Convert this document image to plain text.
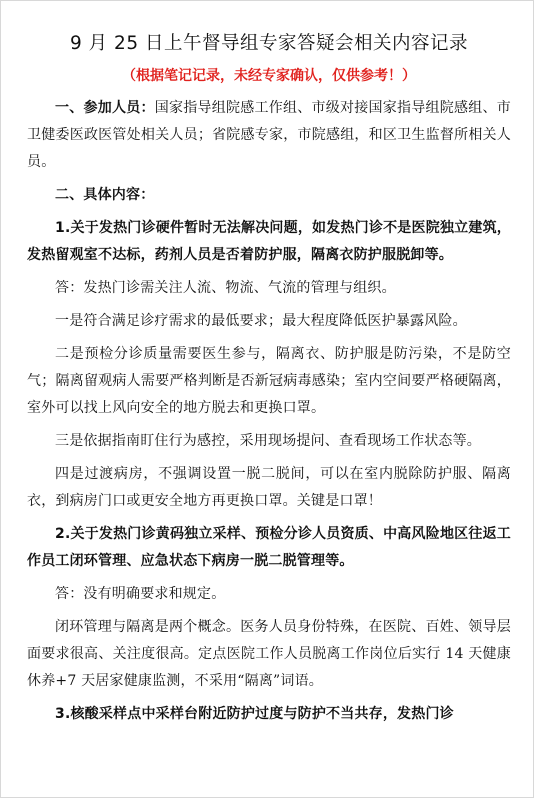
9 月 25 日上午督导组专家答疑会相关内容记录
（根据笔记记录，未经专家确认，仅供参考！）

一、参加人员：国家指导组院感工作组、市级对接国家指导组院感组、市卫健委医政医管处相关人员；省院感专家，市院感组，和区卫生监督所相关人员。

二、具体内容：

1.关于发热门诊硬件暂时无法解决问题，如发热门诊不是医院独立建筑，发热留观室不达标，药剂人员是否着防护服，隔离衣防护服脱卸等。

答：发热门诊需关注人流、物流、气流的管理与组织。

一是符合满足诊疗需求的最低要求；最大程度降低医护暴露风险。

二是预检分诊质量需要医生参与，隔离衣、防护服是防污染，不是防空气；隔离留观病人需要严格判断是否新冠病毒感染；室内空间要严格硬隔离，室外可以找上风向安全的地方脱去和更换口罩。

三是依据指南盯住行为感控，采用现场提问、查看现场工作状态等。

四是过渡病房，不强调设置一脱二脱间，可以在室内脱除防护服、隔离衣，到病房门口或更安全地方再更换口罩。关键是口罩！

2.关于发热门诊黄码独立采样、预检分诊人员资质、中高风险地区往返工作员工闭环管理、应急状态下病房一脱二脱管理等。

答：没有明确要求和规定。

闭环管理与隔离是两个概念。医务人员身份特殊，在医院、百姓、领导层面要求很高、关注度很高。定点医院工作人员脱离工作岗位后实行 14 天健康休养+7 天居家健康监测，不采用“隔离”词语。

3.核酸采样点中采样台附近防护过度与防护不当共存，发热门诊
